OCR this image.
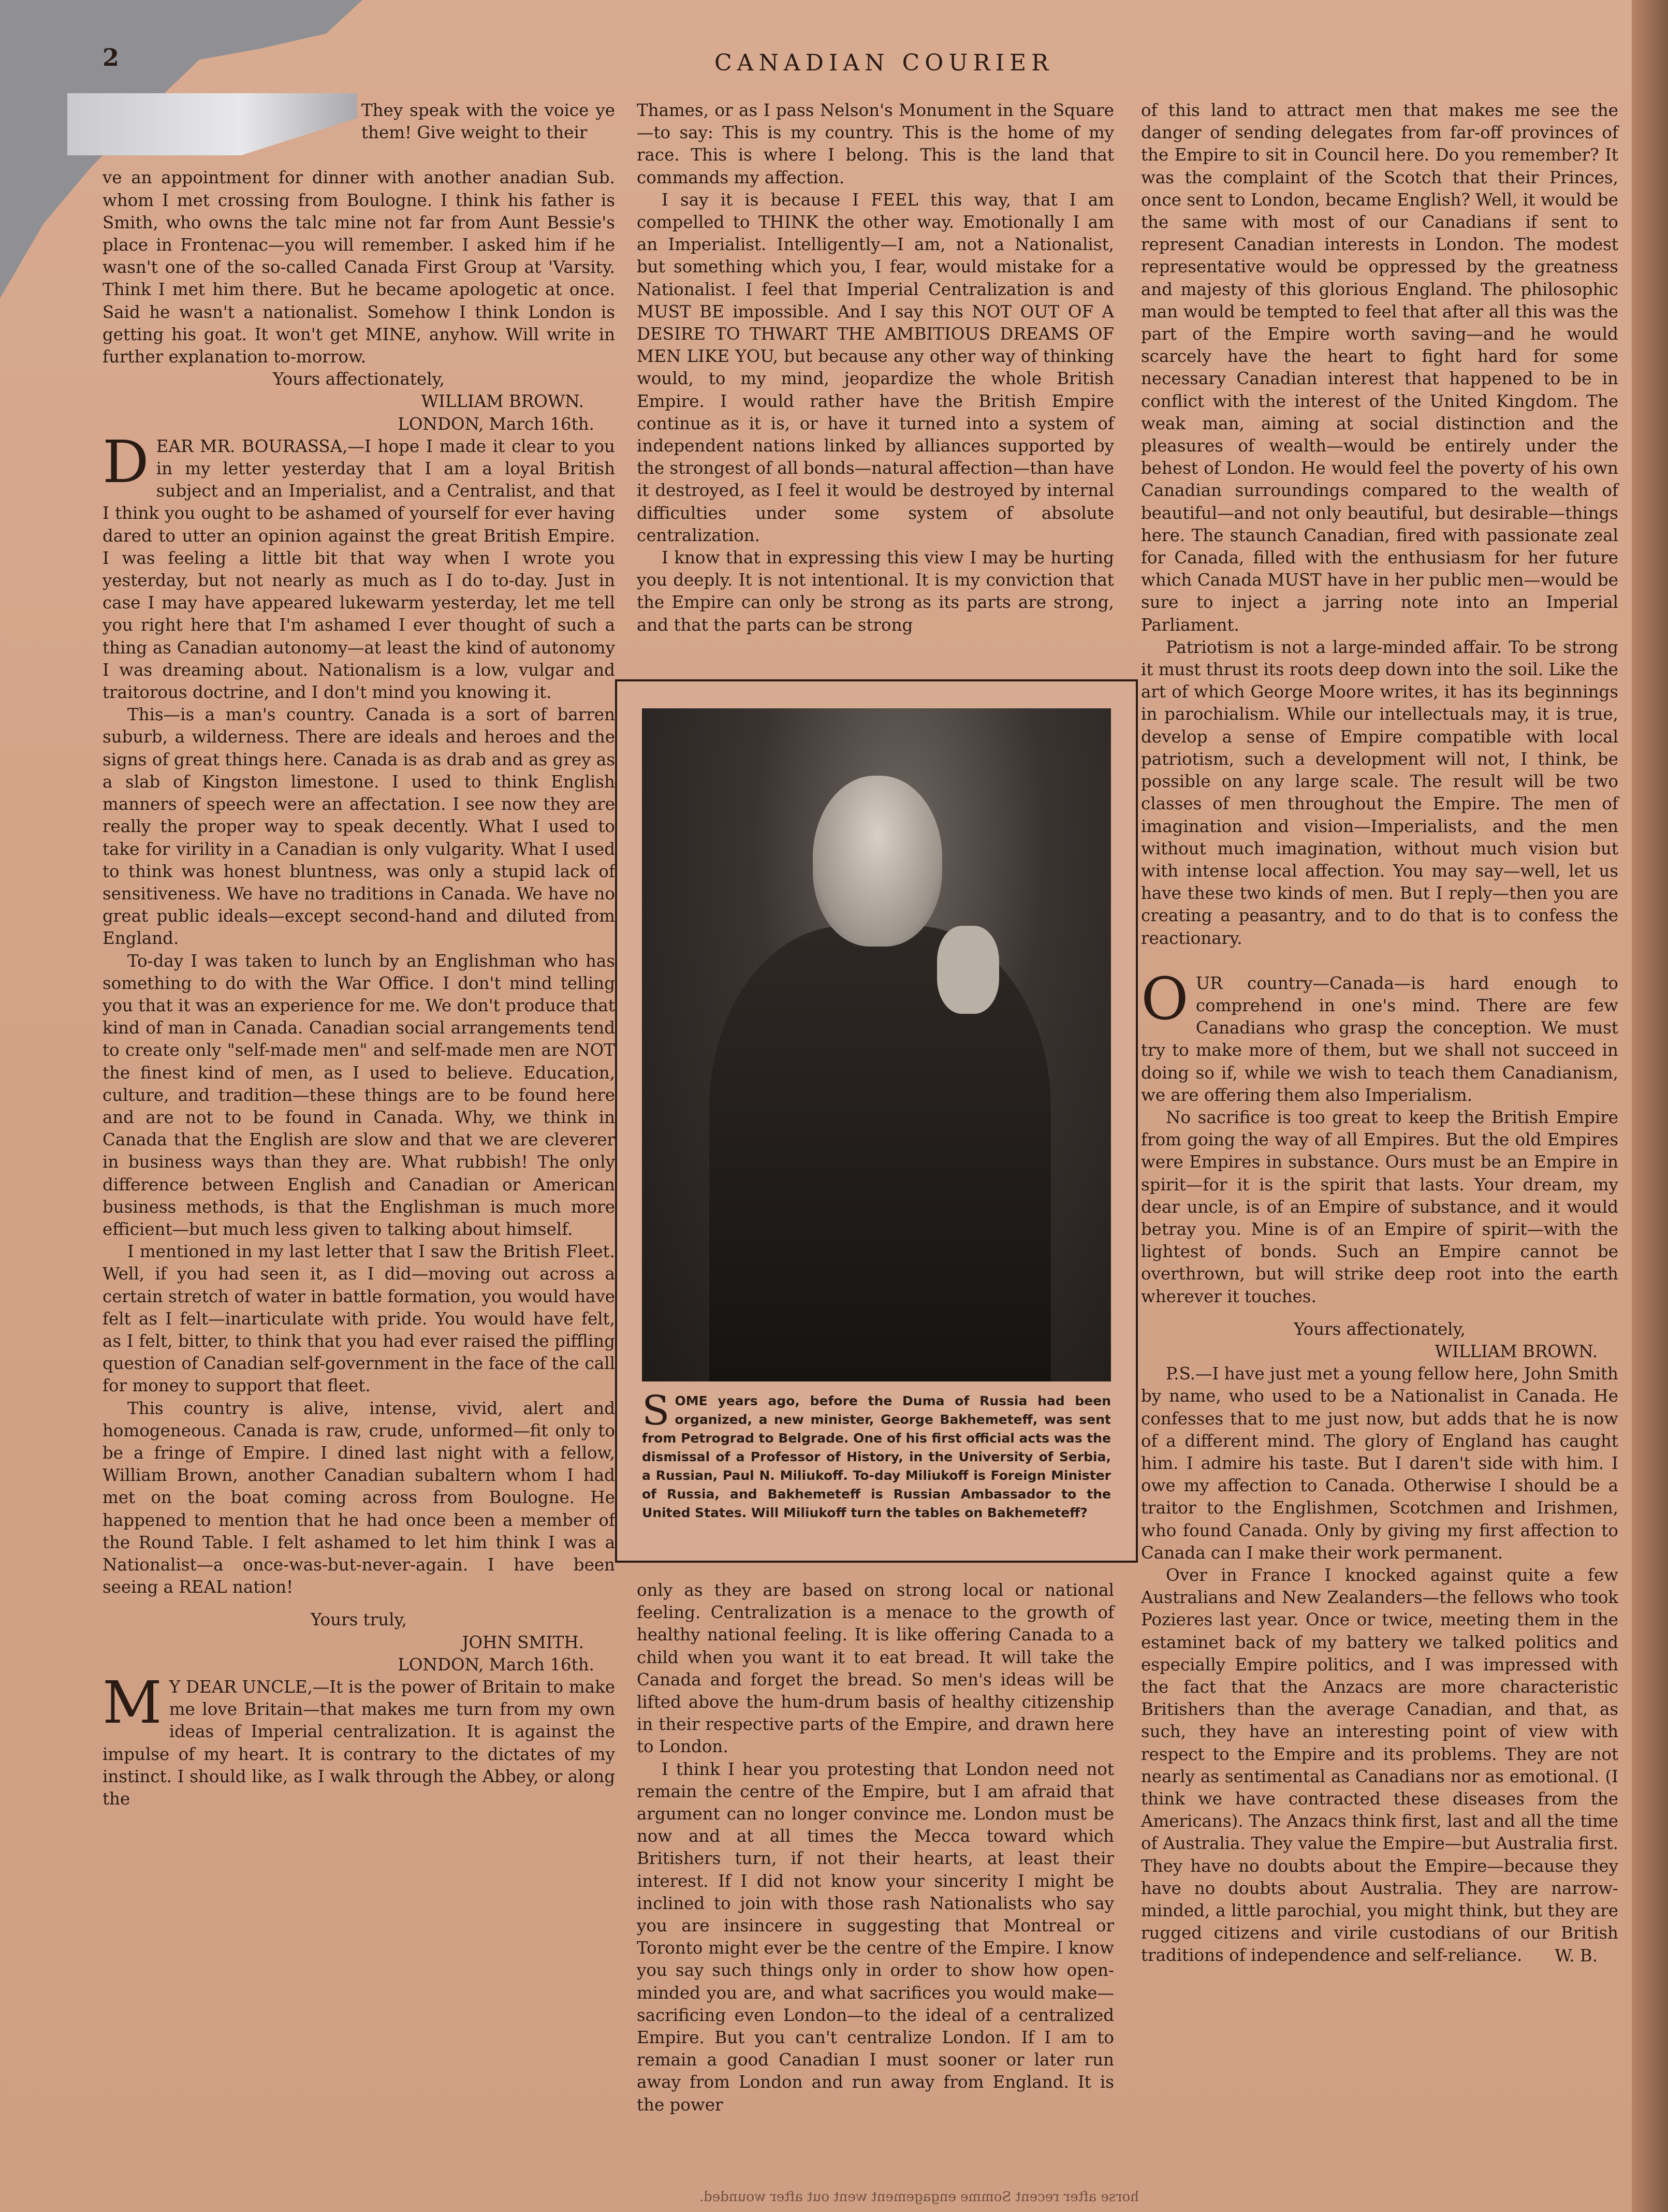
2	CANADIAN COURIER

They speak with the voice ye them! Give weight to their

ve an appointment for dinner with another anadian Sub. whom I met crossing from Boulogne. I think his father is Smith, who owns the talc mine not far from Aunt Bessie's place in Frontenac—you will remember. I asked him if he wasn't one of the so-called Canada First Group at 'Varsity. Think I met him there. But he became apologetic at once. Said he wasn't a nationalist. Somehow I think London is getting his goat. It won't get MINE, anyhow. Will write in further explanation to-morrow.

Yours affectionately,

WILLIAM BROWN.

LONDON, March 16th.

DEAR MR. BOURASSA,—I hope I made it clear to you in my letter yesterday that I am a loyal British subject and an Imperialist, and a Centralist, and that I think you ought to be ashamed of yourself for ever having dared to utter an opinion against the great British Empire. I was feeling a little bit that way when I wrote you yesterday, but not nearly as much as I do to-day. Just in case I may have appeared lukewarm yesterday, let me tell you right here that I'm ashamed I ever thought of such a thing as Canadian autonomy—at least the kind of autonomy I was dreaming about. Nationalism is a low, vulgar and traitorous doctrine, and I don't mind you knowing it.

This—is a man's country. Canada is a sort of barren suburb, a wilderness. There are ideals and heroes and the signs of great things here. Canada is as drab and as grey as a slab of Kingston limestone. I used to think English manners of speech were an affectation. I see now they are really the proper way to speak decently. What I used to take for virility in a Canadian is only vulgarity. What I used to think was honest bluntness, was only a stupid lack of sensitiveness. We have no traditions in Canada. We have no great public ideals—except second-hand and diluted from England.

To-day I was taken to lunch by an Englishman who has something to do with the War Office. I don't mind telling you that it was an experience for me. We don't produce that kind of man in Canada. Canadian social arrangements tend to create only "self-made men" and self-made men are NOT the finest kind of men, as I used to believe. Education, culture, and tradition—these things are to be found here and are not to be found in Canada. Why, we think in Canada that the English are slow and that we are cleverer in business ways than they are. What rubbish! The only difference between English and Canadian or American business methods, is that the Englishman is much more efficient—but much less given to talking about himself.

I mentioned in my last letter that I saw the British Fleet. Well, if you had seen it, as I did—moving out across a certain stretch of water in battle formation, you would have felt as I felt—inarticulate with pride. You would have felt, as I felt, bitter, to think that you had ever raised the piffling question of Canadian self-government in the face of the call for money to support that fleet.

This country is alive, intense, vivid, alert and homogeneous. Canada is raw, crude, unformed—fit only to be a fringe of Empire. I dined last night with a fellow, William Brown, another Canadian subaltern whom I had met on the boat coming across from Boulogne. He happened to mention that he had once been a member of the Round Table. I felt ashamed to let him think I was a Nationalist—a once-was-but-never-again. I have been seeing a REAL nation!

Yours truly,

JOHN SMITH.

LONDON, March 16th.

M Y DEAR UNCLE,—It is the power of Britain to make me love Britain—that makes me turn from my own ideas of Imperial centralization. It is against the impulse of my heart. It is contrary to the dictates of my instinct. I should like, as I walk through the Abbey, or along the

Thames, or as I pass Nelson's Monument in the Square—to say: This is my country. This is the home of my race. This is where I belong. This is the land that commands my affection.

I say it is because I FEEL this way, that I am compelled to THINK the other way. Emotionally I am an Imperialist. Intelligently—I am, not a Nationalist, but something which you, I fear, would mistake for a Nationalist. I feel that Imperial Centralization is and MUST BE impossible. And I say this NOT OUT OF A DESIRE TO THWART THE AMBITIOUS DREAMS OF MEN LIKE YOU, but because any other way of thinking would, to my mind, jeopardize the whole British Empire. I would rather have the British Empire continue as it is, or have it turned into a system of independent nations linked by alliances supported by the strongest of all bonds—natural affection—than have it destroyed, as I feel it would be destroyed by internal difficulties under some system of absolute centralization.

I know that in expressing this view I may be hurting you deeply. It is not intentional. It is my conviction that the Empire can only be strong as its parts are strong, and that the parts can be strong

SOME years ago, before the Duma of Russia had been organized, a new minister, George Bakhemeteff, was sent from Petrograd to Belgrade. One of his first official acts was the dismissal of a Professor of History, in the University of Serbia, a Russian, Paul N. Miliukoff. To-day Miliukoff is Foreign Minister of Russia, and Bakhemeteff is Russian Ambassador to the United States. Will Miliukoff turn the tables on Bakhemeteff?

only as they are based on strong local or national feeling. Centralization is a menace to the growth of healthy national feeling. It is like offering Canada to a child when you want it to eat bread. It will take the Canada and forget the bread. So men's ideas will be lifted above the hum-drum basis of healthy citizenship in their respective parts of the Empire, and drawn here to London.

I think I hear you protesting that London need not remain the centre of the Empire, but I am afraid that argument can no longer convince me. London must be now and at all times the Mecca toward which Britishers turn, if not their hearts, at least their interest. If I did not know your sincerity I might be inclined to join with those rash Nationalists who say you are insincere in suggesting that Montreal or Toronto might ever be the centre of the Empire. I know you say such things only in order to show how open-minded you are, and what sacrifices you would make—sacrificing even London—to the ideal of a centralized Empire. But you can't centralize London. If I am to remain a good Canadian I must sooner or later run away from London and run away from England. It is the power

of this land to attract men that makes me see the danger of sending delegates from far-off provinces of the Empire to sit in Council here. Do you remember? It was the complaint of the Scotch that their Princes, once sent to London, became English? Well, it would be the same with most of our Canadians if sent to represent Canadian interests in London. The modest representative would be oppressed by the greatness and majesty of this glorious England. The philosophic man would be tempted to feel that after all this was the part of the Empire worth saving—and he would scarcely have the heart to fight hard for some necessary Canadian interest that happened to be in conflict with the interest of the United Kingdom. The weak man, aiming at social distinction and the pleasures of wealth—would be entirely under the behest of London. He would feel the poverty of his own Canadian surroundings compared to the wealth of beautiful—and not only beautiful, but desirable—things here. The staunch Canadian, fired with passionate zeal for Canada, filled with the enthusiasm for her future which Canada MUST have in her public men—would be sure to inject a jarring note into an Imperial Parliament.

Patriotism is not a large-minded affair. To be strong it must thrust its roots deep down into the soil. Like the art of which George Moore writes, it has its beginnings in parochialism. While our intellectuals may, it is true, develop a sense of Empire compatible with local patriotism, such a development will not, I think, be possible on any large scale. The result will be two classes of men throughout the Empire. The men of imagination and vision—Imperialists, and the men without much imagination, without much vision but with intense local affection. You may say—well, let us have these two kinds of men. But I reply—then you are creating a peasantry, and to do that is to confess the reactionary.

OUR country—Canada—is hard enough to comprehend in one's mind. There are few Canadians who grasp the conception. We must try to make more of them, but we shall not succeed in doing so if, while we wish to teach them Canadianism, we are offering them also Imperialism.

No sacrifice is too great to keep the British Empire from going the way of all Empires. But the old Empires were Empires in substance. Ours must be an Empire in spirit—for it is the spirit that lasts. Your dream, my dear uncle, is of an Empire of substance, and it would betray you. Mine is of an Empire of spirit—with the lightest of bonds. Such an Empire cannot be overthrown, but will strike deep root into the earth wherever it touches.

Yours affectionately,

WILLIAM BROWN.

P.S.—I have just met a young fellow here, John Smith by name, who used to be a Nationalist in Canada. He confesses that to me just now, but adds that he is now of a different mind. The glory of England has caught him. I admire his taste. But I daren't side with him. I owe my affection to Canada. Otherwise I should be a traitor to the Englishmen, Scotchmen and Irishmen, who found Canada. Only by giving my first affection to Canada can I make their work permanent.

Over in France I knocked against quite a few Australians and New Zealanders—the fellows who took Pozieres last year. Once or twice, meeting them in the estaminet back of my battery we talked politics and especially Empire politics, and I was impressed with the fact that the Anzacs are more characteristic Britishers than the average Canadian, and that, as such, they have an interesting point of view with respect to the Empire and its problems. They are not nearly as sentimental as Canadians nor as emotional. (I think we have contracted these diseases from the Americans). The Anzacs think first, last and all the time of Australia. They value the Empire—but Australia first. They have no doubts about the Empire—because they have no doubts about Australia. They are narrow-minded, a little parochial, you might think, but they are rugged citizens and virile custodians of our British traditions of independence and self-reliance.	W. B.

horse after recent Somme engagement went out after wounded.
